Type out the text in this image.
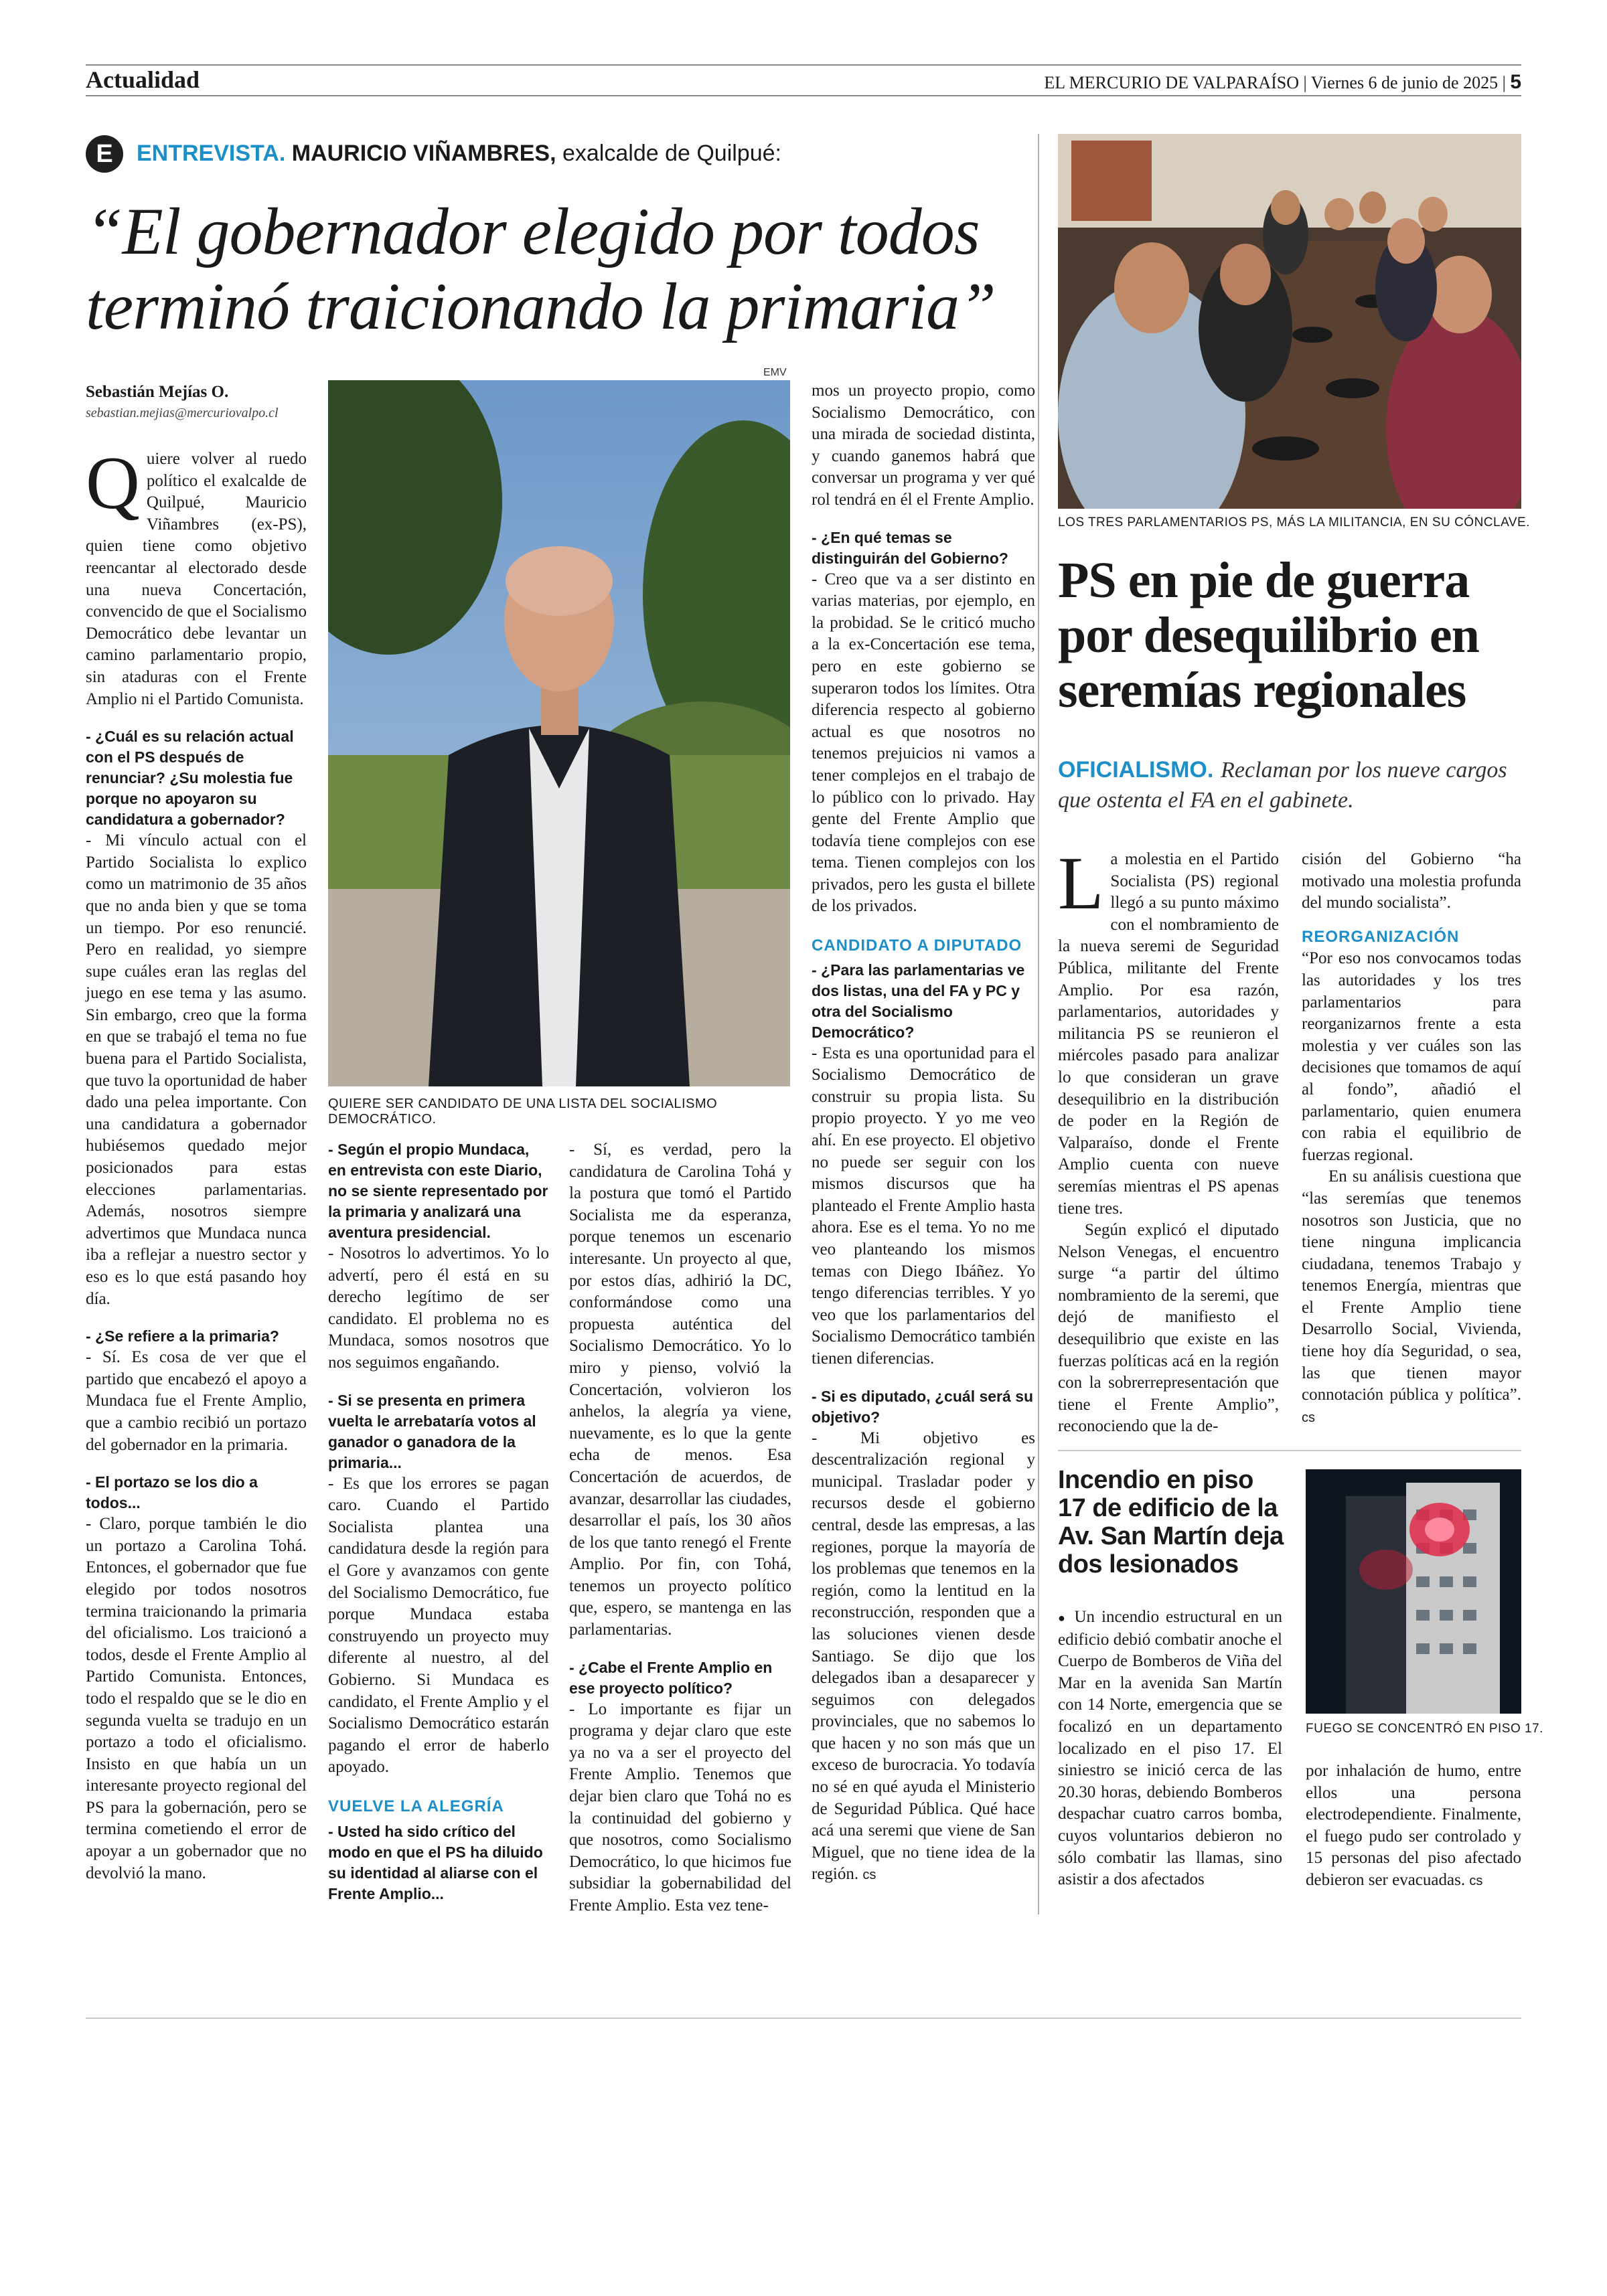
Actualidad	EL MERCURIO DE VALPARAÍSO | Viernes 6 de junio de 2025 | 5
E	ENTREVISTA. MAURICIO VIÑAMBRES, exalcalde de Quilpué:
“El gobernador elegido por todos terminó traicionando la primaria”
Sebastián Mejías O.
sebastian.mejias@mercuriovalpo.cl

Quiere volver al ruedo político el exalcalde de Quilpué, Mauricio Viñambres (ex-PS), quien tiene como objetivo reencantar al electorado desde una nueva Concertación, convencido de que el Socialismo Democrático debe levantar un camino parlamentario propio, sin ataduras con el Frente Amplio ni el Partido Comunista.

- ¿Cuál es su relación actual con el PS después de renunciar? ¿Su molestia fue porque no apoyaron su candidatura a gobernador?

- Mi vínculo actual con el Partido Socialista lo explico como un matrimonio de 35 años que no anda bien y que se toma un tiempo. Por eso renuncié. Pero en realidad, yo siempre supe cuáles eran las reglas del juego en ese tema y las asumo. Sin embargo, creo que la forma en que se trabajó el tema no fue buena para el Partido Socialista, que tuvo la oportunidad de haber dado una pelea importante. Con una candidatura a gobernador hubiésemos quedado mejor posicionados para estas elecciones parlamentarias. Además, nosotros siempre advertimos que Mundaca nunca iba a reflejar a nuestro sector y eso es lo que está pasando hoy día.

- ¿Se refiere a la primaria?

- Sí. Es cosa de ver que el partido que encabezó el apoyo a Mundaca fue el Frente Amplio, que a cambio recibió un portazo del gobernador en la primaria.

- El portazo se los dio a todos...

- Claro, porque también le dio un portazo a Carolina Tohá. Entonces, el gobernador que fue elegido por todos nosotros termina traicionando la primaria del oficialismo. Los traicionó a todos, desde el Frente Amplio al Partido Comunista. Entonces, todo el respaldo que se le dio en segunda vuelta se tradujo en un portazo a todo el oficialismo. Insisto en que había un un interesante proyecto regional del PS para la gobernación, pero se termina cometiendo el error de apoyar a un gobernador que no devolvió la mano.

EMV
QUIERE SER CANDIDATO DE UNA LISTA DEL SOCIALISMO DEMOCRÁTICO.

- Según el propio Mundaca, en entrevista con este Diario, no se siente representado por la primaria y analizará una aventura presidencial.

- Nosotros lo advertimos. Yo lo advertí, pero él está en su derecho legítimo de ser candidato. El problema no es Mundaca, somos nosotros que nos seguimos engañando.

- Si se presenta en primera vuelta le arrebataría votos al ganador o ganadora de la primaria...

- Es que los errores se pagan caro. Cuando el Partido Socialista plantea una candidatura desde la región para el Gore y avanzamos con gente del Socialismo Democrático, fue porque Mundaca estaba construyendo un proyecto muy diferente al nuestro, al del Gobierno. Si Mundaca es candidato, el Frente Amplio y el Socialismo Democrático estarán pagando el error de haberlo apoyado.

VUELVE LA ALEGRÍA

- Usted ha sido crítico del modo en que el PS ha diluido su identidad al aliarse con el Frente Amplio...

- Sí, es verdad, pero la candidatura de Carolina Tohá y la postura que tomó el Partido Socialista me da esperanza, porque tenemos un escenario interesante. Un proyecto al que, por estos días, adhirió la DC, conformándose como una propuesta auténtica del Socialismo Democrático. Yo lo miro y pienso, volvió la Concertación, volvieron los anhelos, la alegría ya viene, nuevamente, es lo que la gente echa de menos. Esa Concertación de acuerdos, de avanzar, desarrollar las ciudades, desarrollar el país, los 30 años de los que tanto renegó el Frente Amplio. Por fin, con Tohá, tenemos un proyecto político que, espero, se mantenga en las parlamentarias.

- ¿Cabe el Frente Amplio en ese proyecto político?

- Lo importante es fijar un programa y dejar claro que este ya no va a ser el proyecto del Frente Amplio. Tenemos que dejar bien claro que Tohá no es la continuidad del gobierno y que nosotros, como Socialismo Democrático, lo que hicimos fue subsidiar la gobernabilidad del Frente Amplio. Esta vez tene-

mos un proyecto propio, como Socialismo Democrático, con una mirada de sociedad distinta, y cuando ganemos habrá que conversar un programa y ver qué rol tendrá en él el Frente Amplio.

- ¿En qué temas se distinguirán del Gobierno?

- Creo que va a ser distinto en varias materias, por ejemplo, en la probidad. Se le criticó mucho a la ex-Concertación ese tema, pero en este gobierno se superaron todos los límites. Otra diferencia respecto al gobierno actual es que nosotros no tenemos prejuicios ni vamos a tener complejos en el trabajo de lo público con lo privado. Hay gente del Frente Amplio que todavía tiene complejos con ese tema. Tienen complejos con los privados, pero les gusta el billete de los privados.

CANDIDATO A DIPUTADO

- ¿Para las parlamentarias ve dos listas, una del FA y PC y otra del Socialismo Democrático?

- Esta es una oportunidad para el Socialismo Democrático de construir su propia lista. Su propio proyecto. Y yo me veo ahí. En ese proyecto. El objetivo no puede ser seguir con los mismos discursos que ha planteado el Frente Amplio hasta ahora. Ese es el tema. Yo no me veo planteando los mismos temas con Diego Ibáñez. Yo tengo diferencias terribles. Y yo veo que los parlamentarios del Socialismo Democrático también tienen diferencias.

- Si es diputado, ¿cuál será su objetivo?

- Mi objetivo es descentralización regional y municipal. Trasladar poder y recursos desde el gobierno central, desde las empresas, a las regiones, porque la mayoría de los problemas que tenemos en la región, como la lentitud en la reconstrucción, responden que a las soluciones vienen desde Santiago. Se dijo que los delegados iban a desaparecer y seguimos con delegados provinciales, que no sabemos lo que hacen y no son más que un exceso de burocracia. Yo todavía no sé en qué ayuda el Ministerio de Seguridad Pública. Qué hace acá una seremi que viene de San Miguel, que no tiene idea de la región. cs

LOS TRES PARLAMENTARIOS PS, MÁS LA MILITANCIA, EN SU CÓNCLAVE.
PS en pie de guerra por desequilibrio en seremías regionales
OFICIALISMO. Reclaman por los nueve cargos que ostenta el FA en el gabinete.

La molestia en el Partido Socialista (PS) regional llegó a su punto máximo con el nombramiento de la nueva seremi de Seguridad Pública, militante del Frente Amplio. Por esa razón, parlamentarios, autoridades y militancia PS se reunieron el miércoles pasado para analizar lo que consideran un grave desequilibrio en la distribución de poder en la Región de Valparaíso, donde el Frente Amplio cuenta con nueve seremías mientras el PS apenas tiene tres.

Según explicó el diputado Nelson Venegas, el encuentro surge “a partir del último nombramiento de la seremi, que dejó de manifiesto el desequilibrio que existe en las fuerzas políticas acá en la región con la sobrerrepresentación que tiene el Frente Amplio”, reconociendo que la de-

cisión del Gobierno “ha motivado una molestia profunda del mundo socialista”.

REORGANIZACIÓN

“Por eso nos convocamos todas las autoridades y los tres parlamentarios para reorganizarnos frente a esta molestia y ver cuáles son las decisiones que tomamos de aquí al fondo”, añadió el parlamentario, quien enumera con rabia el equilibrio de fuerzas regional.

En su análisis cuestiona que “las seremías que tenemos nosotros son Justicia, que no tiene ninguna implicancia ciudadana, tenemos Trabajo y tenemos Energía, mientras que el Frente Amplio tiene Desarrollo Social, Vivienda, tiene hoy día Seguridad, o sea, las que tienen mayor connotación pública y política”. cs

Incendio en piso 17 de edificio de la Av. San Martín deja dos lesionados

● Un incendio estructural en un edificio debió combatir anoche el Cuerpo de Bomberos de Viña del Mar en la avenida San Martín con 14 Norte, emergencia que se focalizó en un departamento localizado en el piso 17. El siniestro se inició cerca de las 20.30 horas, debiendo Bomberos despachar cuatro carros bomba, cuyos voluntarios debieron no sólo combatir las llamas, sino asistir a dos afectados

FUEGO SE CONCENTRÓ EN PISO 17.

por inhalación de humo, entre ellos una persona electrodependiente. Finalmente, el fuego pudo ser controlado y 15 personas del piso afectado debieron ser evacuadas. cs
